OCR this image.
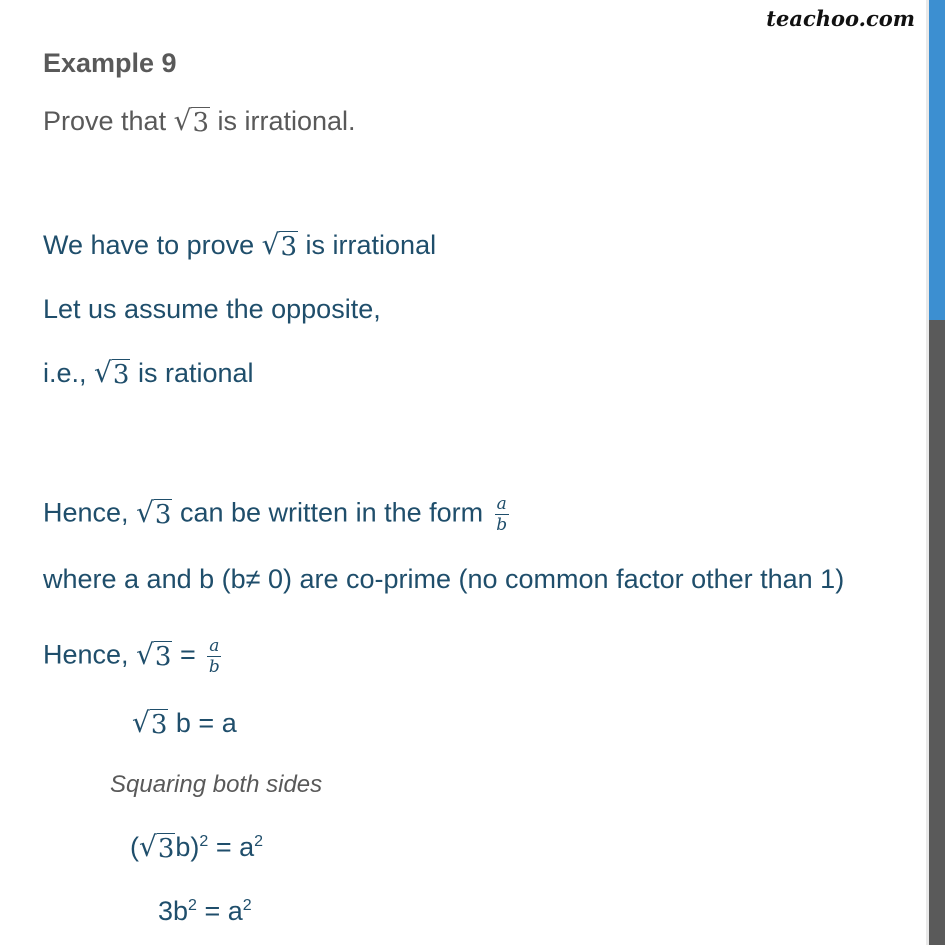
teachoo.com
Example 9
Prove that √ 3 is irrational.
We have to prove √ 3 is irrational
Let us assume the opposite,
i.e., √ 3 is rational
Hence, √ 3 can be written in the form $\frac{a}{b}$
where a and b (b≠ 0) are co-prime (no common factor other than 1)
Hence, √ $3 = \frac{a}{b}$
√ 3 b = a
Squaring both sides
( √ 3 $b)^2 = a^2$
$3b^2 = a^2$
